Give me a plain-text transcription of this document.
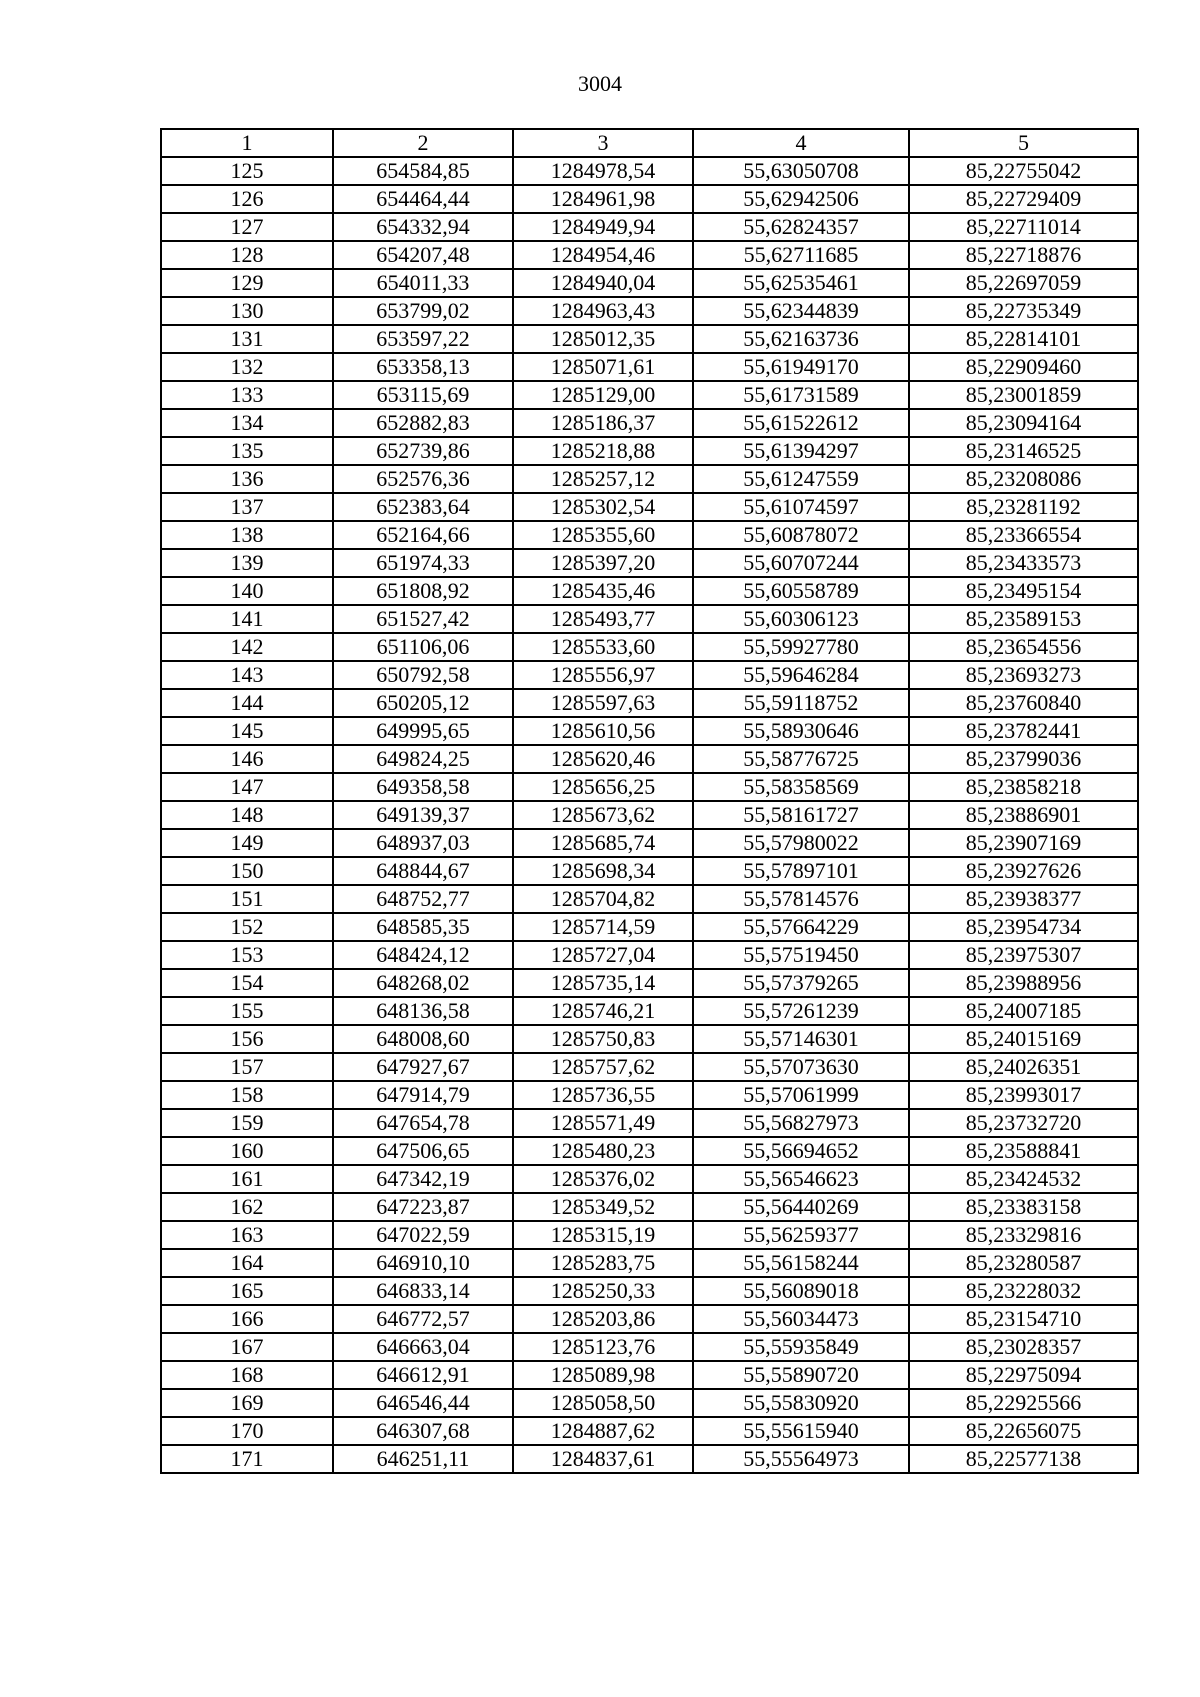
3004
1	2	3	4	5
125	654584,85	1284978,54	55,63050708	85,22755042
126	654464,44	1284961,98	55,62942506	85,22729409
127	654332,94	1284949,94	55,62824357	85,22711014
128	654207,48	1284954,46	55,62711685	85,22718876
129	654011,33	1284940,04	55,62535461	85,22697059
130	653799,02	1284963,43	55,62344839	85,22735349
131	653597,22	1285012,35	55,62163736	85,22814101
132	653358,13	1285071,61	55,61949170	85,22909460
133	653115,69	1285129,00	55,61731589	85,23001859
134	652882,83	1285186,37	55,61522612	85,23094164
135	652739,86	1285218,88	55,61394297	85,23146525
136	652576,36	1285257,12	55,61247559	85,23208086
137	652383,64	1285302,54	55,61074597	85,23281192
138	652164,66	1285355,60	55,60878072	85,23366554
139	651974,33	1285397,20	55,60707244	85,23433573
140	651808,92	1285435,46	55,60558789	85,23495154
141	651527,42	1285493,77	55,60306123	85,23589153
142	651106,06	1285533,60	55,59927780	85,23654556
143	650792,58	1285556,97	55,59646284	85,23693273
144	650205,12	1285597,63	55,59118752	85,23760840
145	649995,65	1285610,56	55,58930646	85,23782441
146	649824,25	1285620,46	55,58776725	85,23799036
147	649358,58	1285656,25	55,58358569	85,23858218
148	649139,37	1285673,62	55,58161727	85,23886901
149	648937,03	1285685,74	55,57980022	85,23907169
150	648844,67	1285698,34	55,57897101	85,23927626
151	648752,77	1285704,82	55,57814576	85,23938377
152	648585,35	1285714,59	55,57664229	85,23954734
153	648424,12	1285727,04	55,57519450	85,23975307
154	648268,02	1285735,14	55,57379265	85,23988956
155	648136,58	1285746,21	55,57261239	85,24007185
156	648008,60	1285750,83	55,57146301	85,24015169
157	647927,67	1285757,62	55,57073630	85,24026351
158	647914,79	1285736,55	55,57061999	85,23993017
159	647654,78	1285571,49	55,56827973	85,23732720
160	647506,65	1285480,23	55,56694652	85,23588841
161	647342,19	1285376,02	55,56546623	85,23424532
162	647223,87	1285349,52	55,56440269	85,23383158
163	647022,59	1285315,19	55,56259377	85,23329816
164	646910,10	1285283,75	55,56158244	85,23280587
165	646833,14	1285250,33	55,56089018	85,23228032
166	646772,57	1285203,86	55,56034473	85,23154710
167	646663,04	1285123,76	55,55935849	85,23028357
168	646612,91	1285089,98	55,55890720	85,22975094
169	646546,44	1285058,50	55,55830920	85,22925566
170	646307,68	1284887,62	55,55615940	85,22656075
171	646251,11	1284837,61	55,55564973	85,22577138
